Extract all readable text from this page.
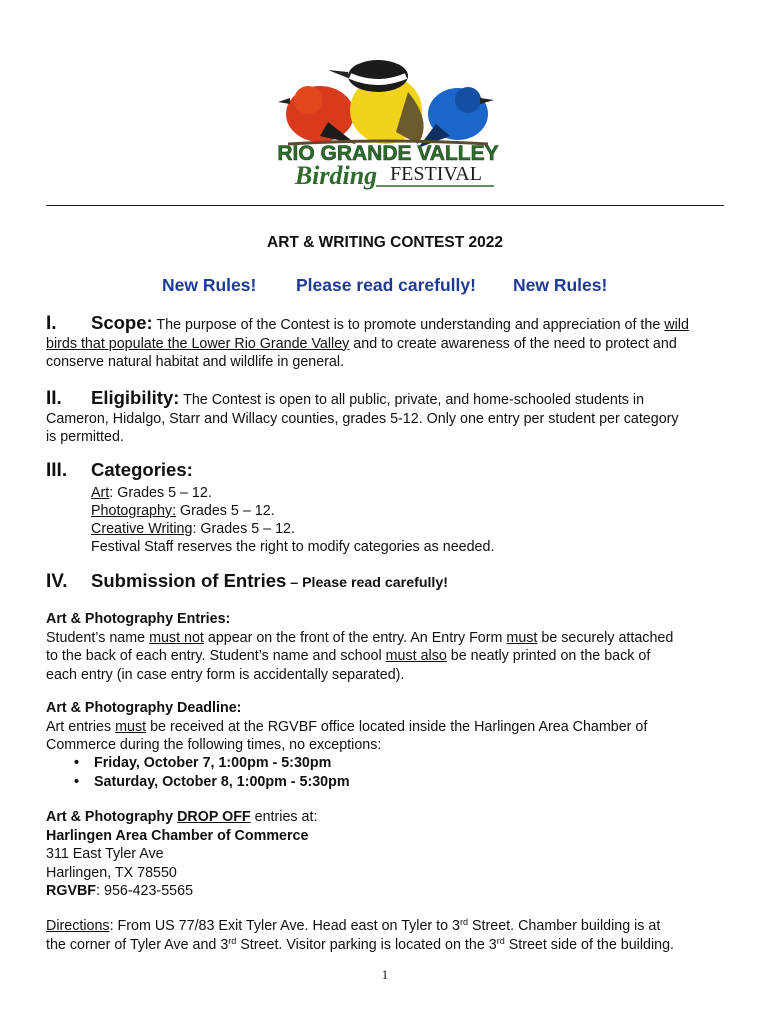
RIO GRANDE VALLEY
Birding FESTIVAL
ART & WRITING CONTEST 2022
New Rules! Please read carefully! New Rules!
I. Scope: The purpose of the Contest is to promote understanding and appreciation of the wild
birds that populate the Lower Rio Grande Valley and to create awareness of the need to protect and
conserve natural habitat and wildlife in general.
II. Eligibility: The Contest is open to all public, private, and home-schooled students in
Cameron, Hidalgo, Starr and Willacy counties, grades 5-12. Only one entry per student per category
is permitted.
III. Categories:
Art: Grades 5 – 12.
Photography: Grades 5 – 12.
Creative Writing: Grades 5 – 12.
Festival Staff reserves the right to modify categories as needed.
IV. Submission of Entries – Please read carefully!
Art & Photography Entries:
Student’s name must not appear on the front of the entry. An Entry Form must be securely attached
to the back of each entry. Student’s name and school must also be neatly printed on the back of
each entry (in case entry form is accidentally separated).
Art & Photography Deadline:
Art entries must be received at the RGVBF office located inside the Harlingen Area Chamber of
Commerce during the following times, no exceptions:
• Friday, October 7, 1:00pm - 5:30pm
• Saturday, October 8, 1:00pm - 5:30pm
Art & Photography DROP OFF entries at:
Harlingen Area Chamber of Commerce
311 East Tyler Ave
Harlingen, TX 78550
RGVBF: 956-423-5565
Directions: From US 77/83 Exit Tyler Ave. Head east on Tyler to 3rd Street. Chamber building is at
the corner of Tyler Ave and 3rd Street. Visitor parking is located on the 3rd Street side of the building.
1
